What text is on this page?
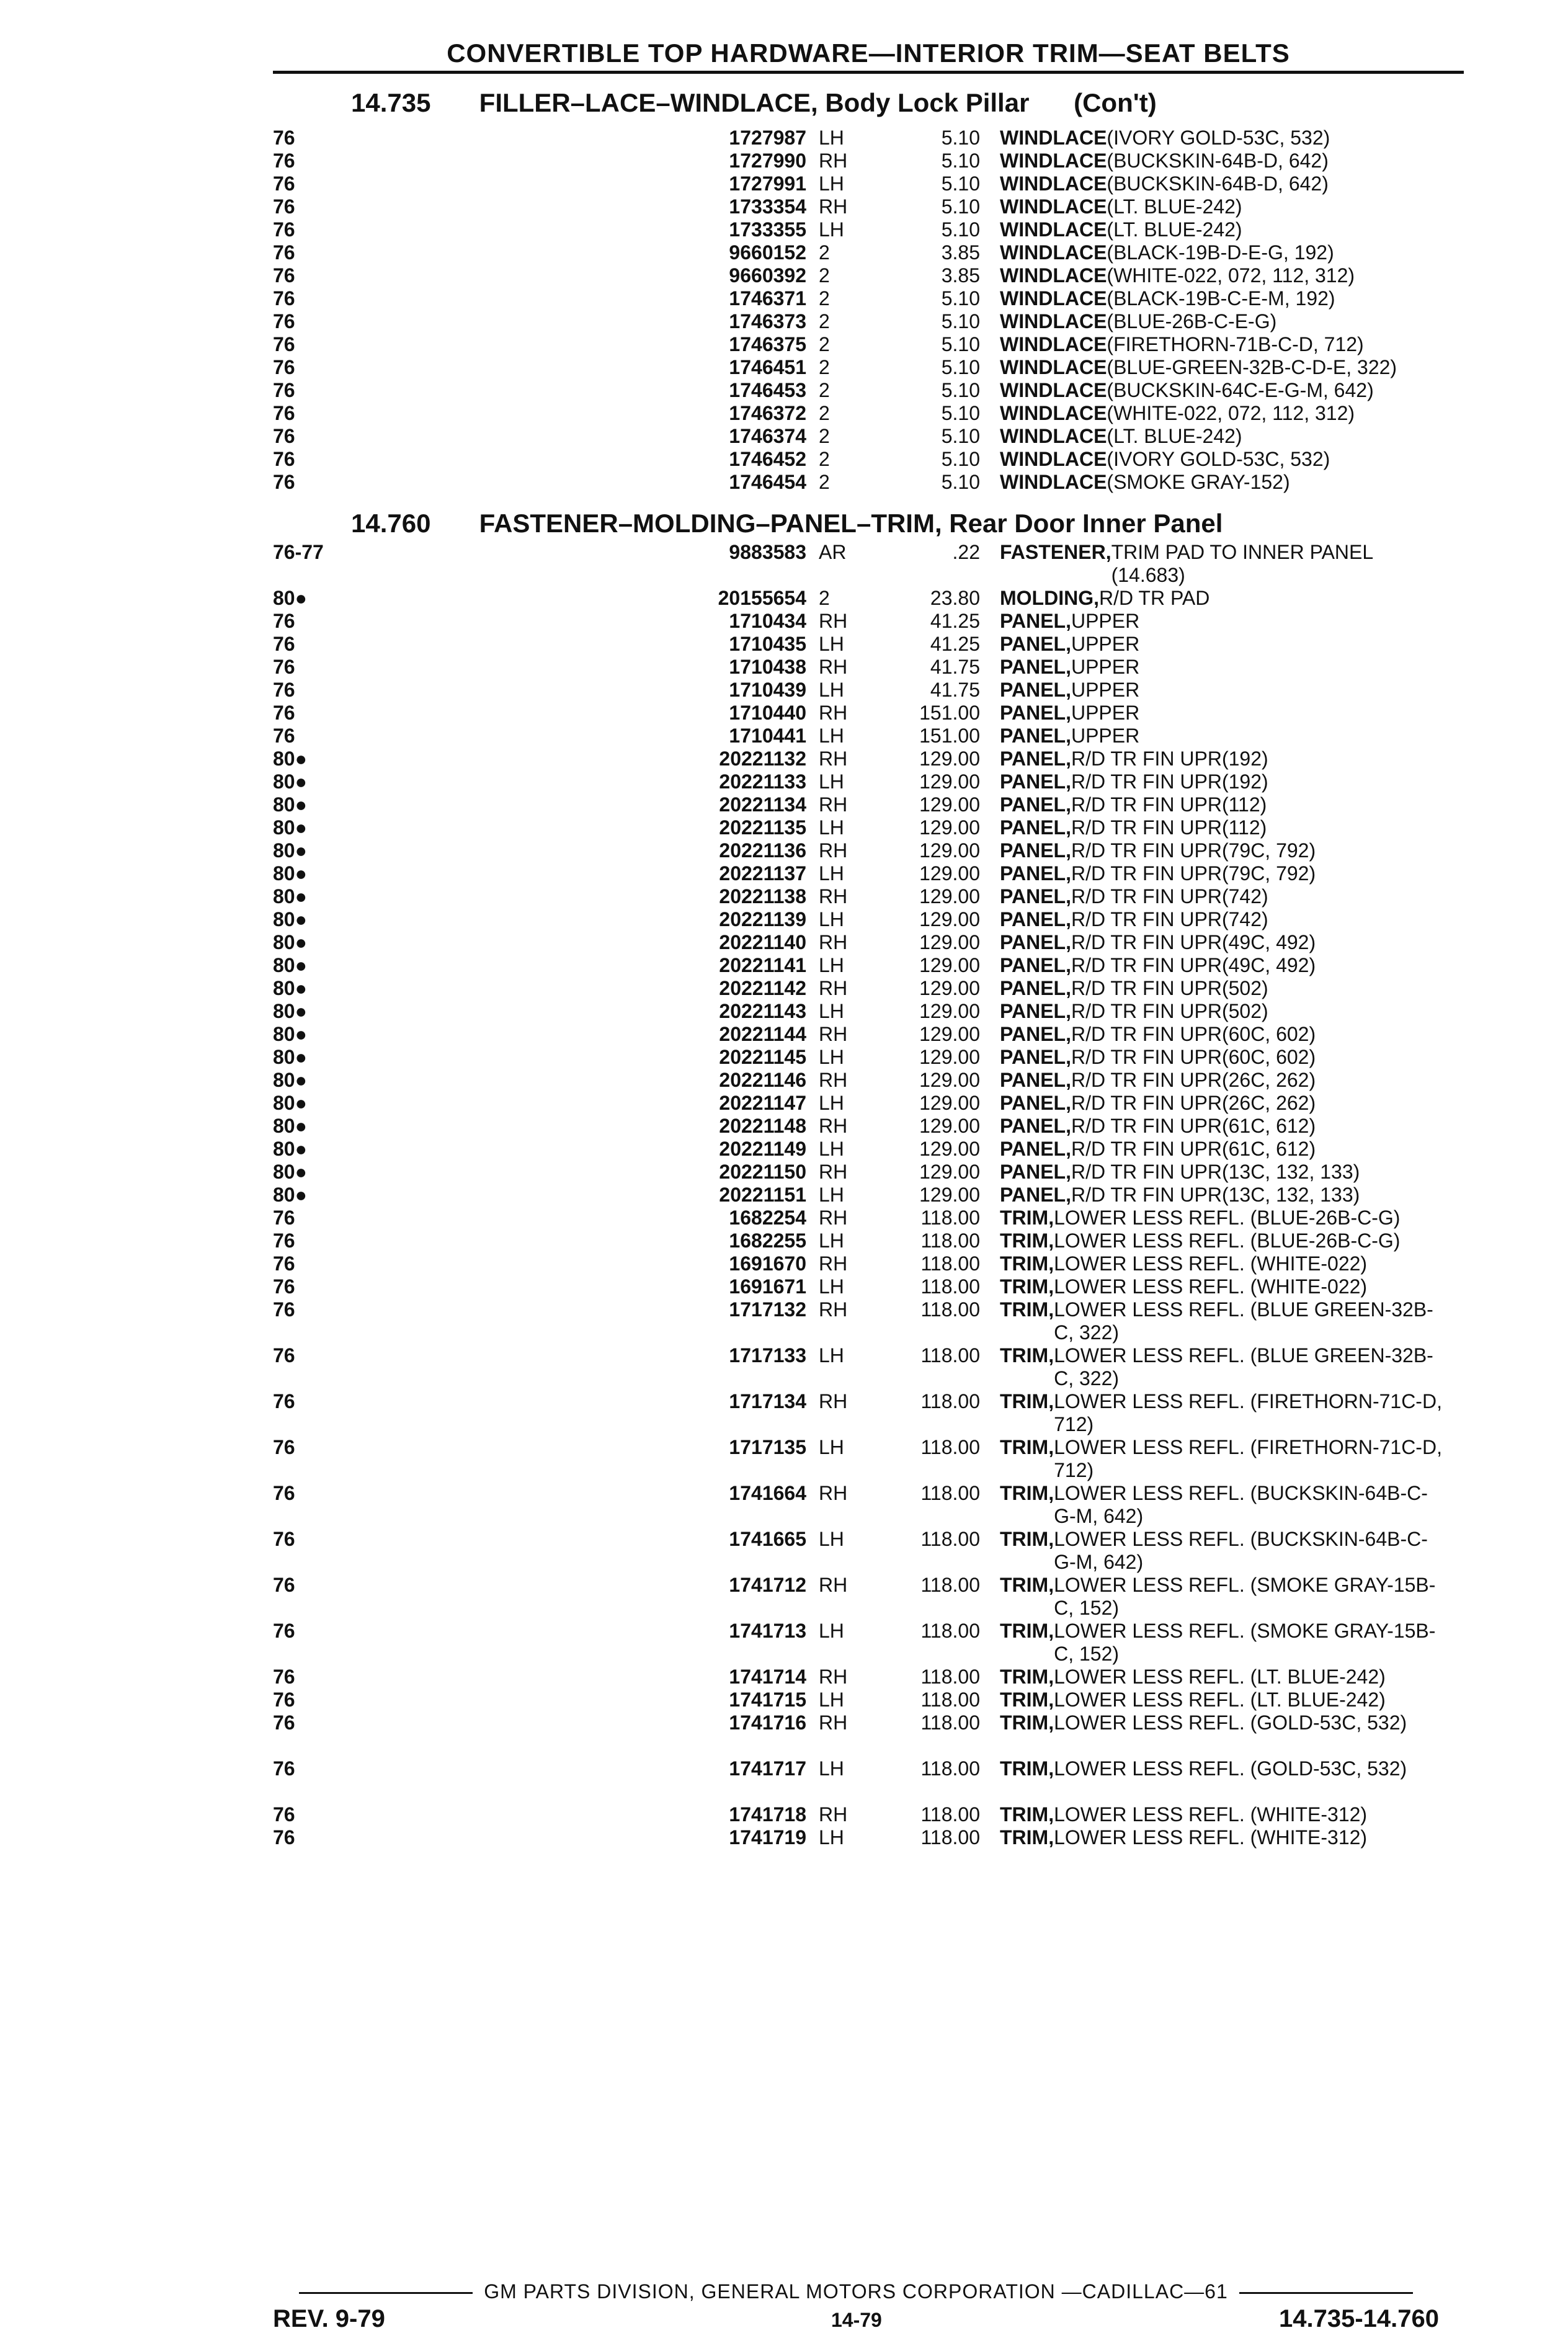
CONVERTIBLE TOP HARDWARE—INTERIOR TRIM—SEAT BELTS
14.735 FILLER–LACE–WINDLACE, Body Lock Pillar (Con't)
76	1727987 LH	5.10 WINDLACE (IVORY GOLD-53C, 532)
76	1727990 RH	5.10 WINDLACE (BUCKSKIN-64B-D, 642)
76	1727991 LH	5.10 WINDLACE (BUCKSKIN-64B-D, 642)
76	1733354 RH	5.10 WINDLACE (LT. BLUE-242)
76	1733355 LH	5.10 WINDLACE (LT. BLUE-242)
76	9660152 2	3.85 WINDLACE (BLACK-19B-D-E-G, 192)
76	9660392 2	3.85 WINDLACE (WHITE-022, 072, 112, 312)
76	1746371 2	5.10 WINDLACE (BLACK-19B-C-E-M, 192)
76	1746373 2	5.10 WINDLACE (BLUE-26B-C-E-G)
76	1746375 2	5.10 WINDLACE (FIRETHORN-71B-C-D, 712)
76	1746451 2	5.10 WINDLACE (BLUE-GREEN-32B-C-D-E, 322)
76	1746453 2	5.10 WINDLACE (BUCKSKIN-64C-E-G-M, 642)
76	1746372 2	5.10 WINDLACE (WHITE-022, 072, 112, 312)
76	1746374 2	5.10 WINDLACE (LT. BLUE-242)
76	1746452 2	5.10 WINDLACE (IVORY GOLD-53C, 532)
76	1746454 2	5.10 WINDLACE (SMOKE GRAY-152)
14.760 FASTENER–MOLDING–PANEL–TRIM, Rear Door Inner Panel
76-77	9883583 AR	.22 FASTENER, TRIM PAD TO INNER PANEL (14.683)
80●	20155654 2	23.80 MOLDING, R/D TR PAD
76	1710434 RH	41.25 PANEL, UPPER
76	1710435 LH	41.25 PANEL, UPPER
76	1710438 RH	41.75 PANEL, UPPER
76	1710439 LH	41.75 PANEL, UPPER
76	1710440 RH	151.00 PANEL, UPPER
76	1710441 LH	151.00 PANEL, UPPER
80●	20221132 RH	129.00 PANEL, R/D TR FIN UPR(192)
80●	20221133 LH	129.00 PANEL, R/D TR FIN UPR(192)
80●	20221134 RH	129.00 PANEL, R/D TR FIN UPR(112)
80●	20221135 LH	129.00 PANEL, R/D TR FIN UPR(112)
80●	20221136 RH	129.00 PANEL, R/D TR FIN UPR(79C, 792)
80●	20221137 LH	129.00 PANEL, R/D TR FIN UPR(79C, 792)
80●	20221138 RH	129.00 PANEL, R/D TR FIN UPR(742)
80●	20221139 LH	129.00 PANEL, R/D TR FIN UPR(742)
80●	20221140 RH	129.00 PANEL, R/D TR FIN UPR(49C, 492)
80●	20221141 LH	129.00 PANEL, R/D TR FIN UPR(49C, 492)
80●	20221142 RH	129.00 PANEL, R/D TR FIN UPR(502)
80●	20221143 LH	129.00 PANEL, R/D TR FIN UPR(502)
80●	20221144 RH	129.00 PANEL, R/D TR FIN UPR(60C, 602)
80●	20221145 LH	129.00 PANEL, R/D TR FIN UPR(60C, 602)
80●	20221146 RH	129.00 PANEL, R/D TR FIN UPR(26C, 262)
80●	20221147 LH	129.00 PANEL, R/D TR FIN UPR(26C, 262)
80●	20221148 RH	129.00 PANEL, R/D TR FIN UPR(61C, 612)
80●	20221149 LH	129.00 PANEL, R/D TR FIN UPR(61C, 612)
80●	20221150 RH	129.00 PANEL, R/D TR FIN UPR(13C, 132, 133)
80●	20221151 LH	129.00 PANEL, R/D TR FIN UPR(13C, 132, 133)
76	1682254 RH	118.00 TRIM, LOWER LESS REFL. (BLUE-26B-C-G)
76	1682255 LH	118.00 TRIM, LOWER LESS REFL. (BLUE-26B-C-G)
76	1691670 RH	118.00 TRIM, LOWER LESS REFL. (WHITE-022)
76	1691671 LH	118.00 TRIM, LOWER LESS REFL. (WHITE-022)
76	1717132 RH	118.00 TRIM, LOWER LESS REFL. (BLUE GREEN-32B-C, 322)
76	1717133 LH	118.00 TRIM, LOWER LESS REFL. (BLUE GREEN-32B-C, 322)
76	1717134 RH	118.00 TRIM, LOWER LESS REFL. (FIRETHORN-71C-D, 712)
76	1717135 LH	118.00 TRIM, LOWER LESS REFL. (FIRETHORN-71C-D, 712)
76	1741664 RH	118.00 TRIM, LOWER LESS REFL. (BUCKSKIN-64B-C-G-M, 642)
76	1741665 LH	118.00 TRIM, LOWER LESS REFL. (BUCKSKIN-64B-C-G-M, 642)
76	1741712 RH	118.00 TRIM, LOWER LESS REFL. (SMOKE GRAY-15B-C, 152)
76	1741713 LH	118.00 TRIM, LOWER LESS REFL. (SMOKE GRAY-15B-C, 152)
76	1741714 RH	118.00 TRIM, LOWER LESS REFL. (LT. BLUE-242)
76	1741715 LH	118.00 TRIM, LOWER LESS REFL. (LT. BLUE-242)
76	1741716 RH	118.00 TRIM, LOWER LESS REFL. (GOLD-53C, 532)
76	1741717 LH	118.00 TRIM, LOWER LESS REFL. (GOLD-53C, 532)
76	1741718 RH	118.00 TRIM, LOWER LESS REFL. (WHITE-312)
76	1741719 LH	118.00 TRIM, LOWER LESS REFL. (WHITE-312)
GM PARTS DIVISION, GENERAL MOTORS CORPORATION —CADILLAC—61
REV. 9-79	14-79	14.735-14.760
